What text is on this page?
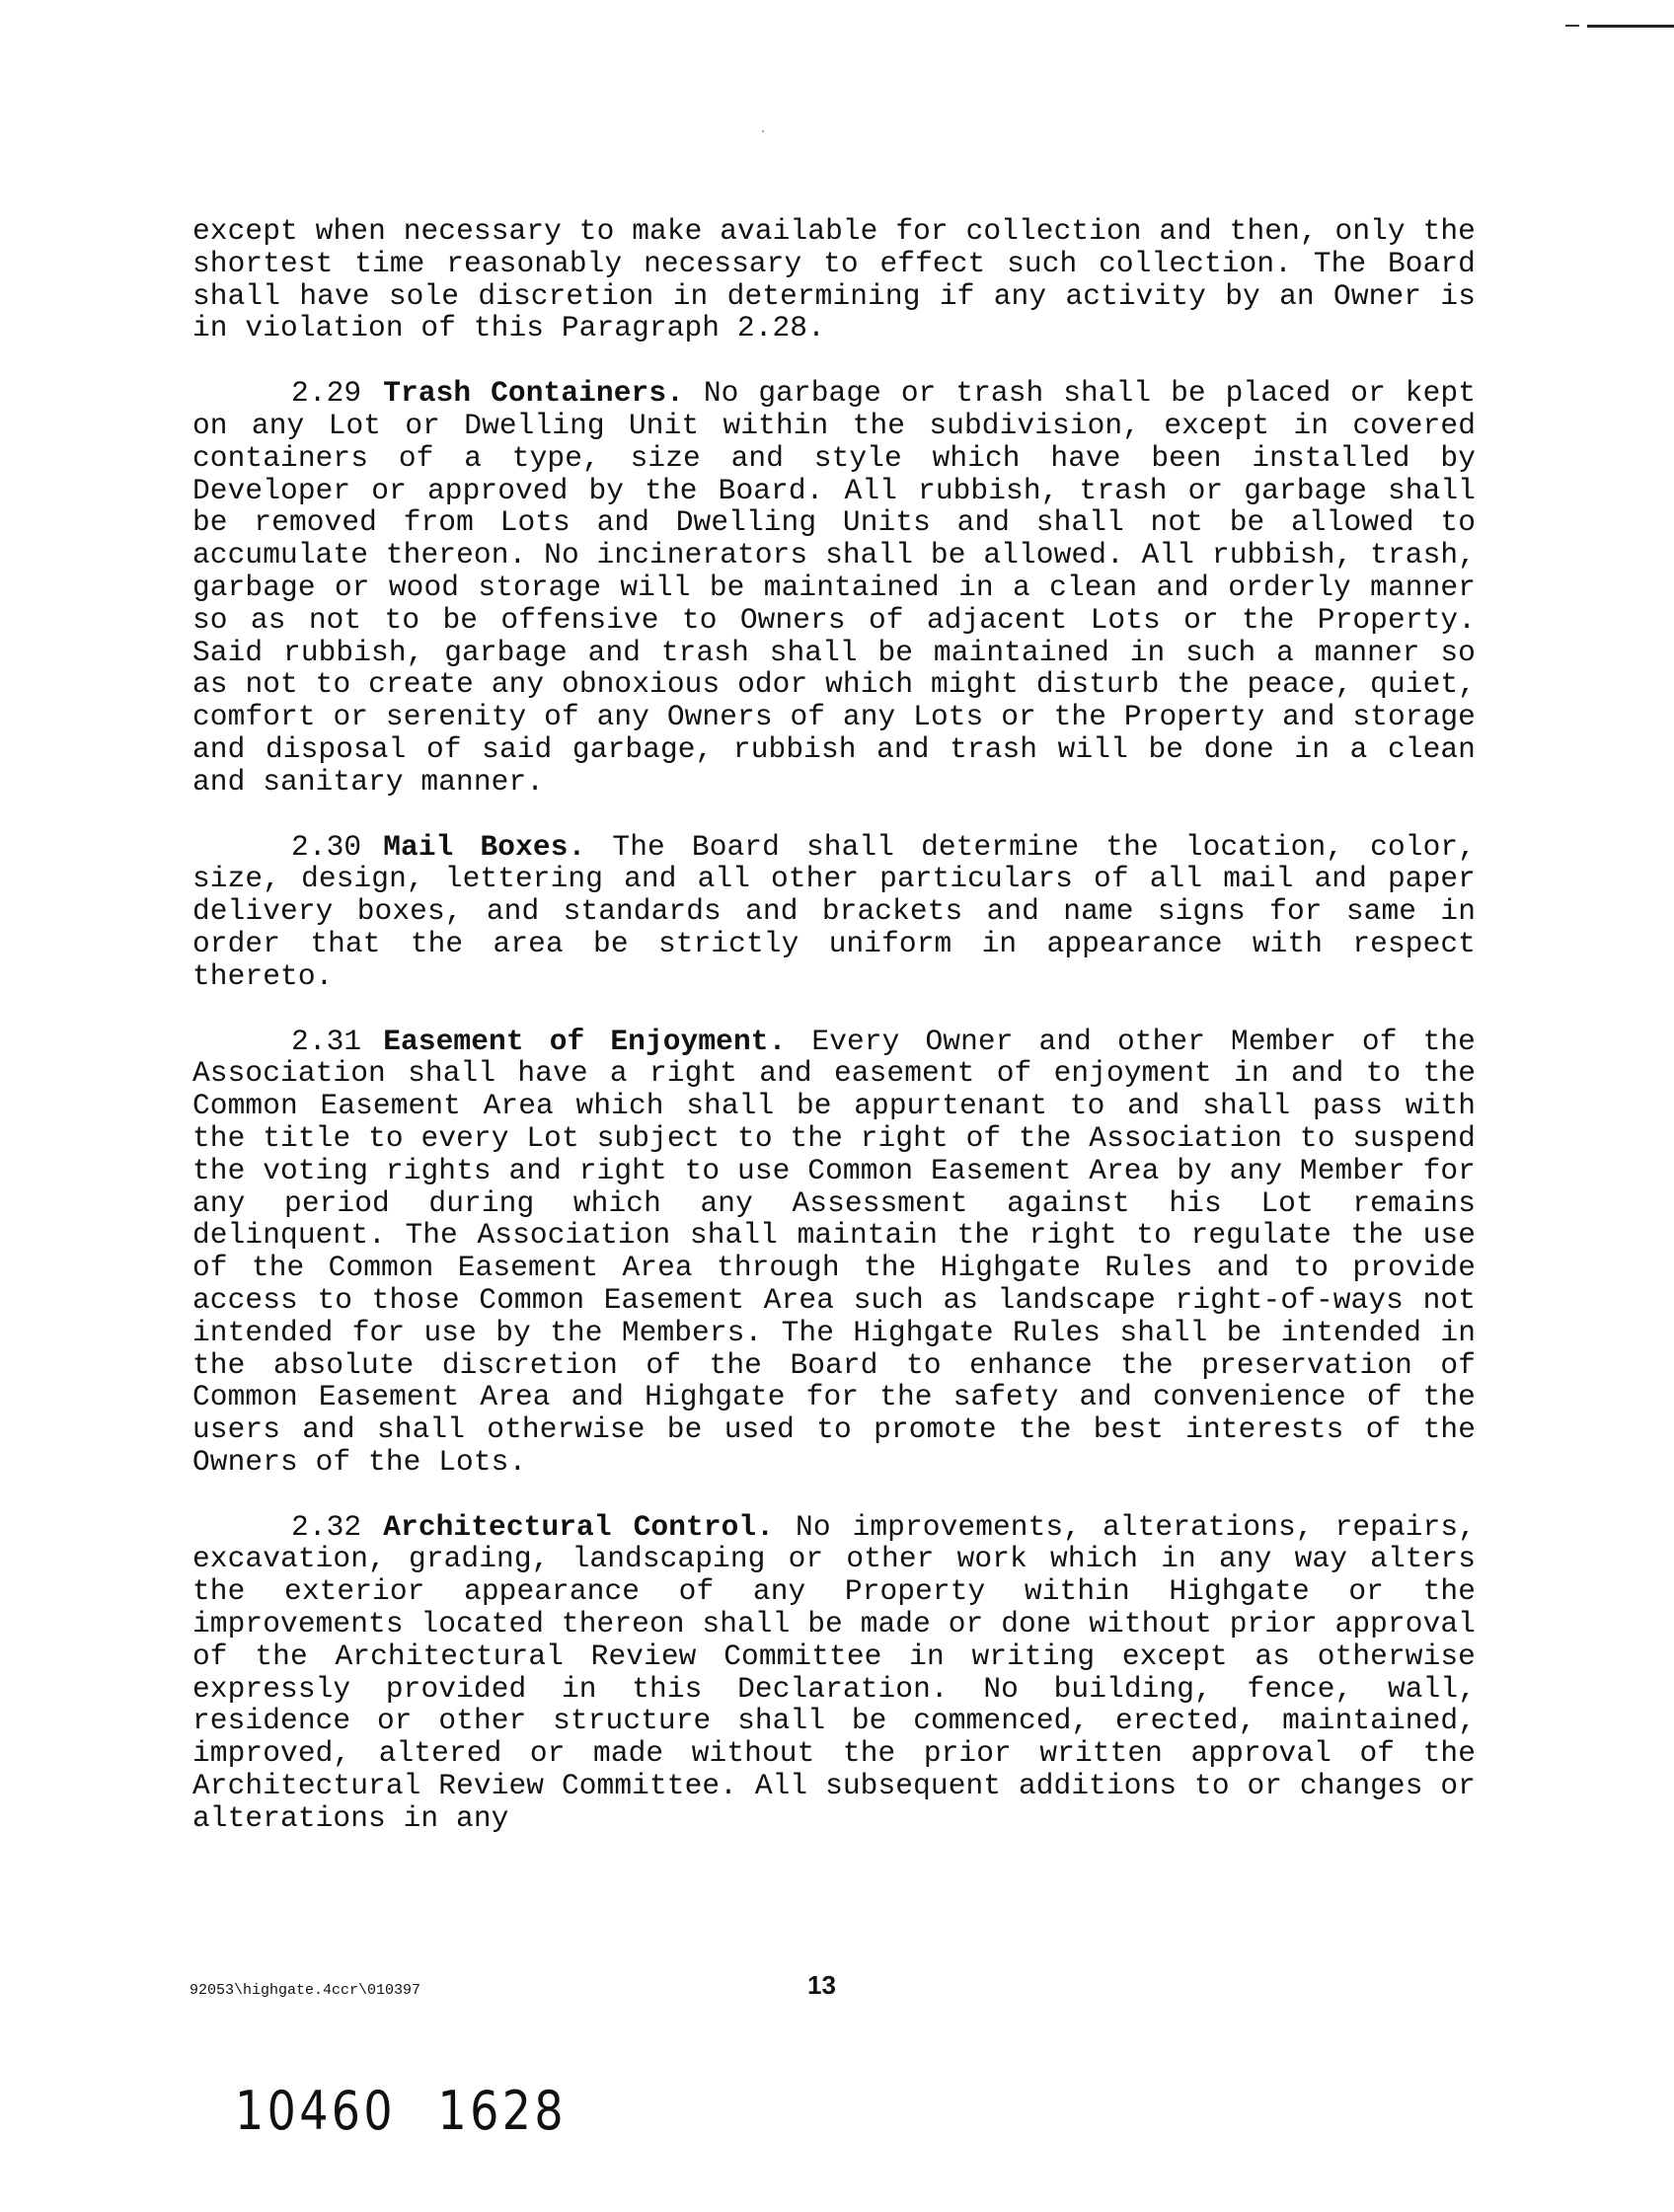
except when necessary to make available for collection and then, only the shortest time reasonably necessary to effect such collection. The Board shall have sole discretion in determining if any activity by an Owner is in violation of this Paragraph 2.28.

2.29 Trash Containers. No garbage or trash shall be placed or kept on any Lot or Dwelling Unit within the subdivision, except in covered containers of a type, size and style which have been installed by Developer or approved by the Board. All rubbish, trash or garbage shall be removed from Lots and Dwelling Units and shall not be allowed to accumulate thereon. No incinerators shall be allowed. All rubbish, trash, garbage or wood storage will be maintained in a clean and orderly manner so as not to be offensive to Owners of adjacent Lots or the Property. Said rubbish, garbage and trash shall be maintained in such a manner so as not to create any obnoxious odor which might disturb the peace, quiet, comfort or serenity of any Owners of any Lots or the Property and storage and disposal of said garbage, rubbish and trash will be done in a clean and sanitary manner.

2.30 Mail Boxes. The Board shall determine the location, color, size, design, lettering and all other particulars of all mail and paper delivery boxes, and standards and brackets and name signs for same in order that the area be strictly uniform in appearance with respect thereto.

2.31 Easement of Enjoyment. Every Owner and other Member of the Association shall have a right and easement of enjoyment in and to the Common Easement Area which shall be appurtenant to and shall pass with the title to every Lot subject to the right of the Association to suspend the voting rights and right to use Common Easement Area by any Member for any period during which any Assessment against his Lot remains delinquent. The Association shall maintain the right to regulate the use of the Common Easement Area through the Highgate Rules and to provide access to those Common Easement Area such as landscape right-of-ways not intended for use by the Members. The Highgate Rules shall be intended in the absolute discretion of the Board to enhance the preservation of Common Easement Area and Highgate for the safety and convenience of the users and shall otherwise be used to promote the best interests of the Owners of the Lots.

2.32 Architectural Control. No improvements, alterations, repairs, excavation, grading, landscaping or other work which in any way alters the exterior appearance of any Property within Highgate or the improvements located thereon shall be made or done without prior approval of the Architectural Review Committee in writing except as otherwise expressly provided in this Declaration. No building, fence, wall, residence or other structure shall be commenced, erected, maintained, improved, altered or made without the prior written approval of the Architectural Review Committee. All subsequent additions to or changes or alterations in any

92053\highgate.4ccr\010397	13
10460 1628
